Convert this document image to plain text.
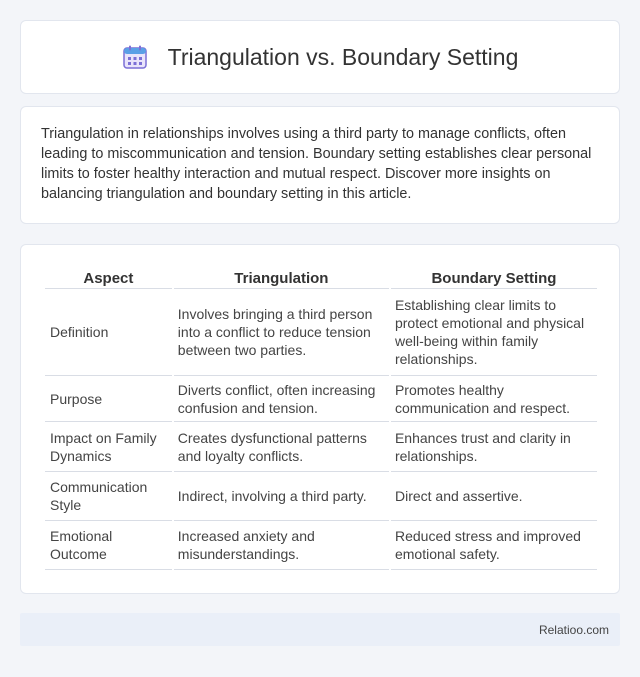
Triangulation vs. Boundary Setting

Triangulation in relationships involves using a third party to manage conflicts, often leading to miscommunication and tension. Boundary setting establishes clear personal limits to foster healthy interaction and mutual respect. Discover more insights on balancing triangulation and boundary setting in this article.

Aspect	Triangulation	Boundary Setting
Definition	Involves bringing a third person into a conflict to reduce tension between two parties.	Establishing clear limits to protect emotional and physical well-being within family relationships.
Purpose	Diverts conflict, often increasing confusion and tension.	Promotes healthy communication and respect.
Impact on Family Dynamics	Creates dysfunctional patterns and loyalty conflicts.	Enhances trust and clarity in relationships.
Communication Style	Indirect, involving a third party.	Direct and assertive.
Emotional Outcome	Increased anxiety and misunderstandings.	Reduced stress and improved emotional safety.
Relatioo.com
